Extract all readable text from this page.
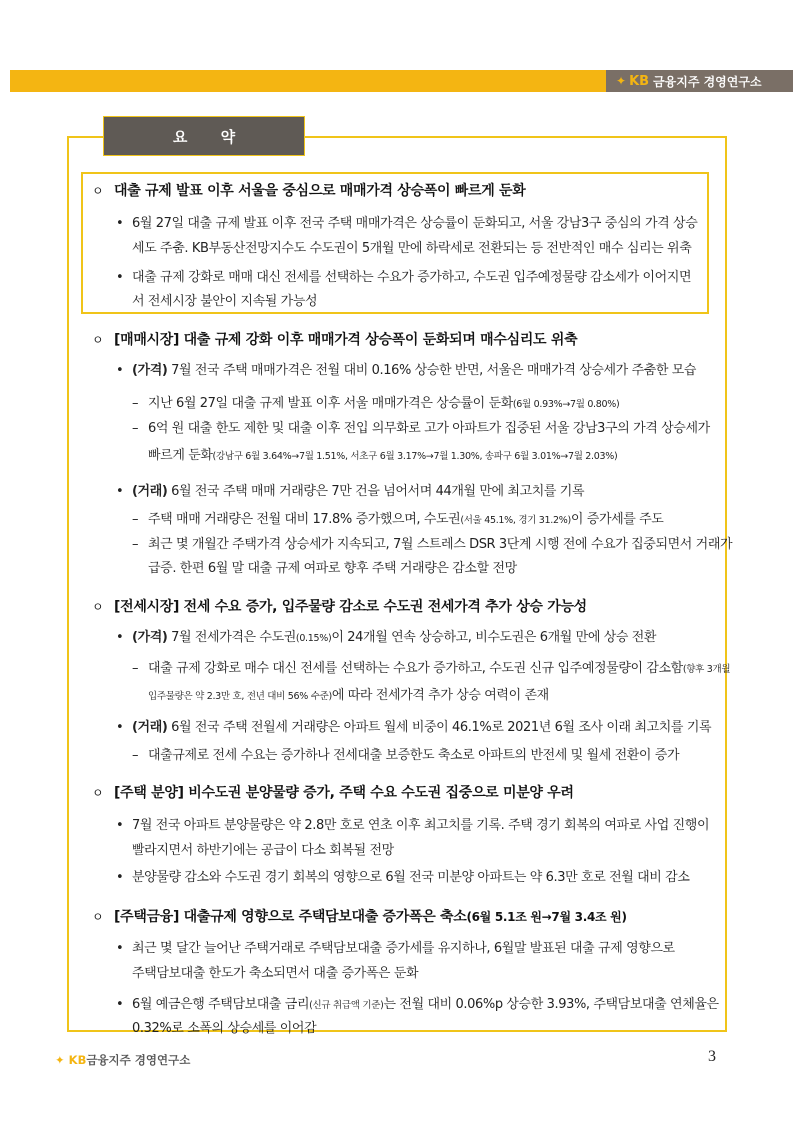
✦ KB 금융지주 경영연구소
요 약
ㅇ 대출 규제 발표 이후 서울을 중심으로 매매가격 상승폭이 빠르게 둔화
• 6월 27일 대출 규제 발표 이후 전국 주택 매매가격은 상승률이 둔화되고, 서울 강남3구 중심의 가격 상승
세도 주춤. KB부동산전망지수도 수도권이 5개월 만에 하락세로 전환되는 등 전반적인 매수 심리는 위축
• 대출 규제 강화로 매매 대신 전세를 선택하는 수요가 증가하고, 수도권 입주예정물량 감소세가 이어지면
서 전세시장 불안이 지속될 가능성
ㅇ [매매시장] 대출 규제 강화 이후 매매가격 상승폭이 둔화되며 매수심리도 위축
• (가격) 7월 전국 주택 매매가격은 전월 대비 0.16% 상승한 반면, 서울은 매매가격 상승세가 주춤한 모습
– 지난 6월 27일 대출 규제 발표 이후 서울 매매가격은 상승률이 둔화(6월 0.93%→7월 0.80%)
– 6억 원 대출 한도 제한 및 대출 이후 전입 의무화로 고가 아파트가 집중된 서울 강남3구의 가격 상승세가
빠르게 둔화(강남구 6월 3.64%→7월 1.51%, 서초구 6월 3.17%→7월 1.30%, 송파구 6월 3.01%→7월 2.03%)
• (거래) 6월 전국 주택 매매 거래량은 7만 건을 넘어서며 44개월 만에 최고치를 기록
– 주택 매매 거래량은 전월 대비 17.8% 증가했으며, 수도권(서울 45.1%, 경기 31.2%)이 증가세를 주도
– 최근 몇 개월간 주택가격 상승세가 지속되고, 7월 스트레스 DSR 3단계 시행 전에 수요가 집중되면서 거래가
급증. 한편 6월 말 대출 규제 여파로 향후 주택 거래량은 감소할 전망
ㅇ [전세시장] 전세 수요 증가, 입주물량 감소로 수도권 전세가격 추가 상승 가능성
• (가격) 7월 전세가격은 수도권(0.15%)이 24개월 연속 상승하고, 비수도권은 6개월 만에 상승 전환
– 대출 규제 강화로 매수 대신 전세를 선택하는 수요가 증가하고, 수도권 신규 입주예정물량이 감소함(향후 3개월
입주물량은 약 2.3만 호, 전년 대비 56% 수준)에 따라 전세가격 추가 상승 여력이 존재
• (거래) 6월 전국 주택 전월세 거래량은 아파트 월세 비중이 46.1%로 2021년 6월 조사 이래 최고치를 기록
– 대출규제로 전세 수요는 증가하나 전세대출 보증한도 축소로 아파트의 반전세 및 월세 전환이 증가
ㅇ [주택 분양] 비수도권 분양물량 증가, 주택 수요 수도권 집중으로 미분양 우려
• 7월 전국 아파트 분양물량은 약 2.8만 호로 연초 이후 최고치를 기록. 주택 경기 회복의 여파로 사업 진행이
빨라지면서 하반기에는 공급이 다소 회복될 전망
• 분양물량 감소와 수도권 경기 회복의 영향으로 6월 전국 미분양 아파트는 약 6.3만 호로 전월 대비 감소
ㅇ [주택금융] 대출규제 영향으로 주택담보대출 증가폭은 축소(6월 5.1조 원→7월 3.4조 원)
• 최근 몇 달간 늘어난 주택거래로 주택담보대출 증가세를 유지하나, 6월말 발표된 대출 규제 영향으로
주택담보대출 한도가 축소되면서 대출 증가폭은 둔화
• 6월 예금은행 주택담보대출 금리(신규 취급액 기준)는 전월 대비 0.06%p 상승한 3.93%, 주택담보대출 연체율은
0.32%로 소폭의 상승세를 이어감
✦ KB금융지주 경영연구소	3
